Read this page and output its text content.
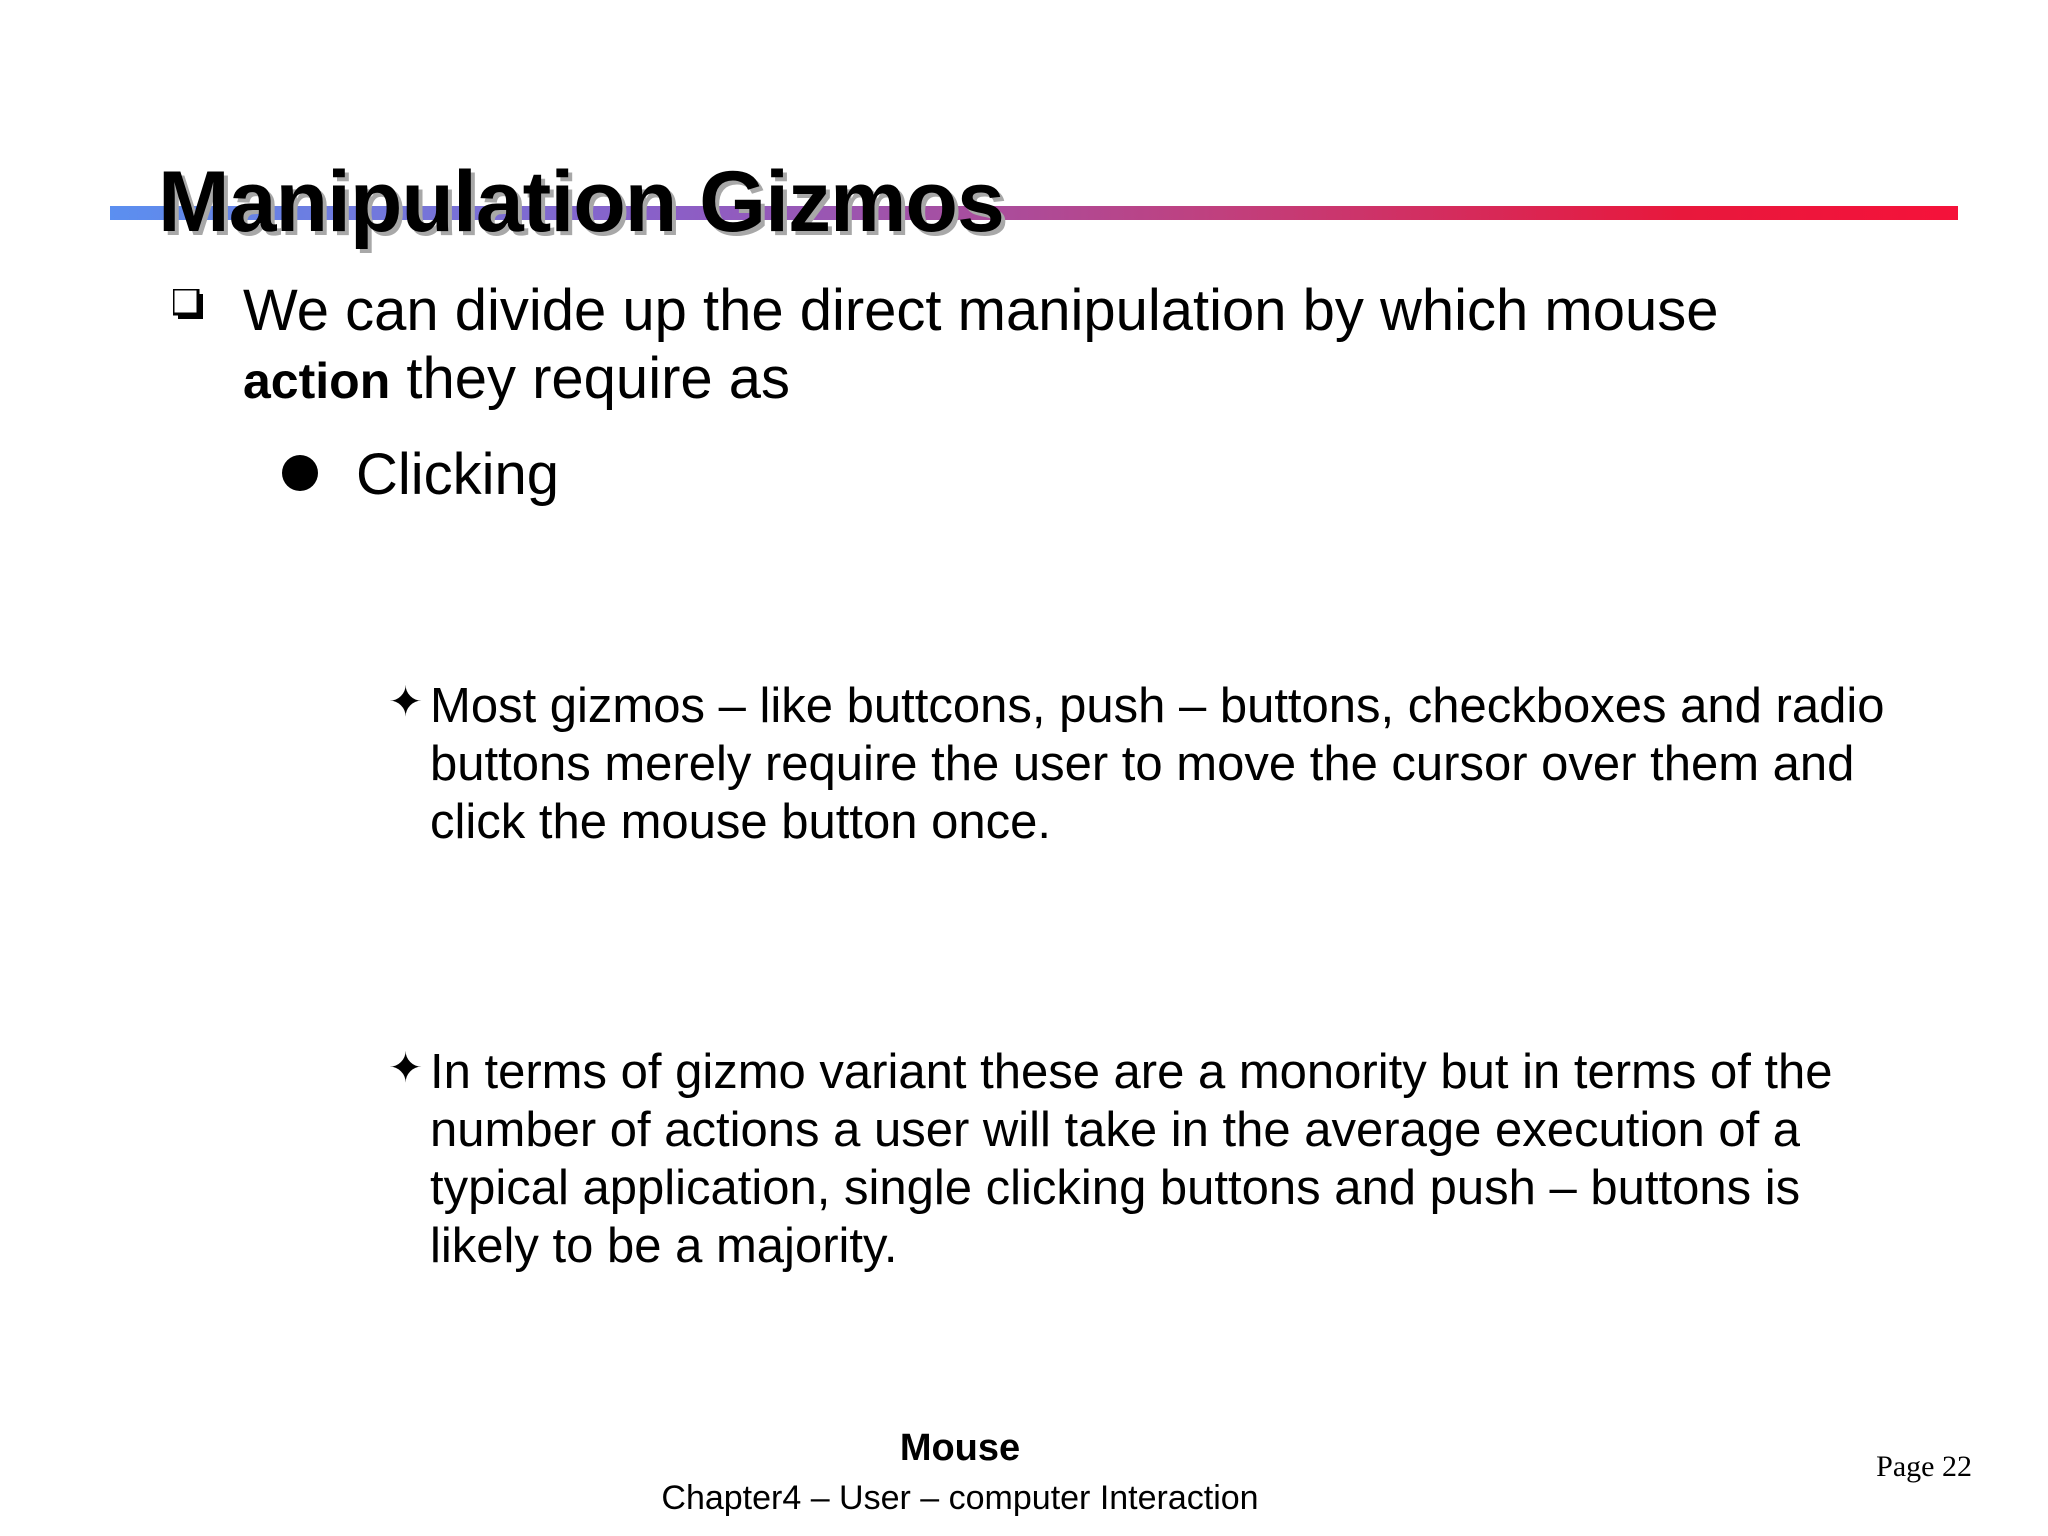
Manipulation Gizmos
We can divide up the direct manipulation by which mouse action they require as
Clicking
✦ Most gizmos – like buttcons, push – buttons, checkboxes and radio buttons merely require the user to move the cursor over them and click the mouse button once.
✦ In terms of gizmo variant these are a monority but in terms of the number of actions a user will take in the average execution of a typical application, single clicking buttons and push – buttons is likely to be a majority.
Mouse
Chapter4 – User – computer Interaction
Page 22
